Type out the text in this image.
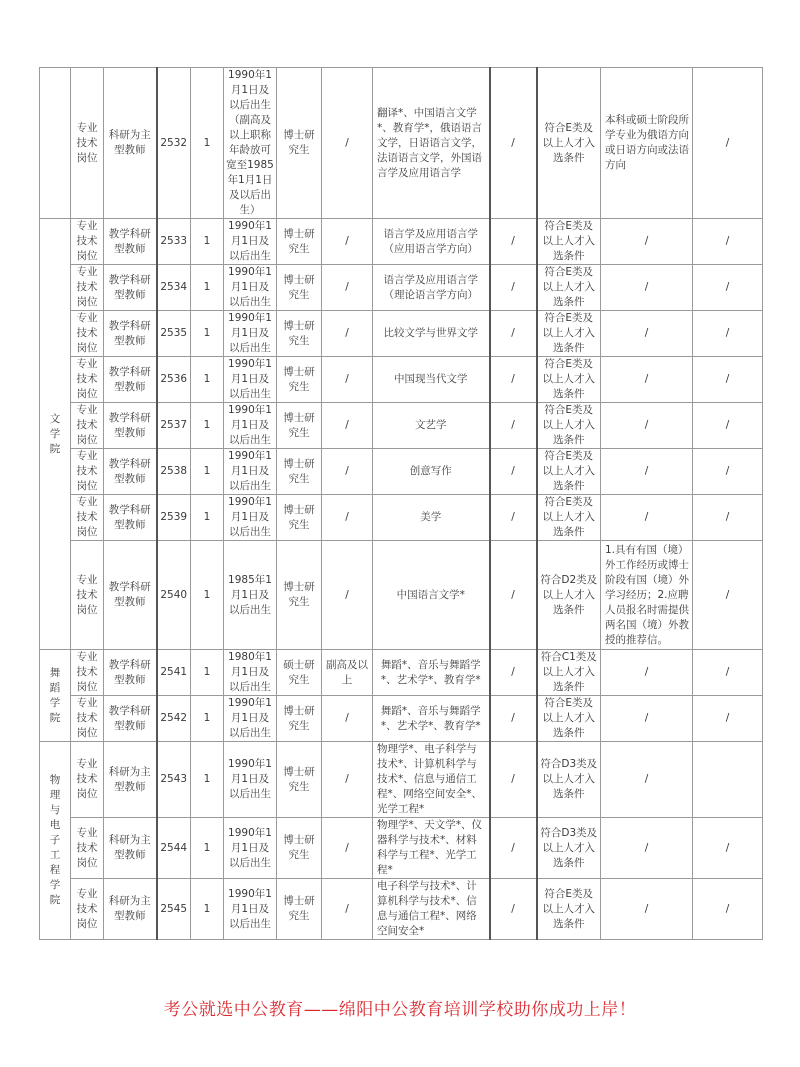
	专业技术岗位	科研为主型教师	2532	1	1990年1月1日及以后出生（副高及以上职称年龄放可宽至1985年1月1日及以后出生）	博士研究生	/	翻译*、中国语言文学*、教育学*，俄语语言文学，日语语言文学，法语语言文学，外国语言学及应用语言学	/	符合E类及以上人才入选条件	本科或硕士阶段所学专业为俄语方向或日语方向或法语方向	/
文学院	专业技术岗位	教学科研型教师	2533	1	1990年1月1日及以后出生	博士研究生	/	语言学及应用语言学（应用语言学方向）	/	符合E类及以上人才入选条件	/	/
	专业技术岗位	教学科研型教师	2534	1	1990年1月1日及以后出生	博士研究生	/	语言学及应用语言学（理论语言学方向）	/	符合E类及以上人才入选条件	/	/
	专业技术岗位	教学科研型教师	2535	1	1990年1月1日及以后出生	博士研究生	/	比较文学与世界文学	/	符合E类及以上人才入选条件	/	/
	专业技术岗位	教学科研型教师	2536	1	1990年1月1日及以后出生	博士研究生	/	中国现当代文学	/	符合E类及以上人才入选条件	/	/
	专业技术岗位	教学科研型教师	2537	1	1990年1月1日及以后出生	博士研究生	/	文艺学	/	符合E类及以上人才入选条件	/	/
	专业技术岗位	教学科研型教师	2538	1	1990年1月1日及以后出生	博士研究生	/	创意写作	/	符合E类及以上人才入选条件	/	/
	专业技术岗位	教学科研型教师	2539	1	1990年1月1日及以后出生	博士研究生	/	美学	/	符合E类及以上人才入选条件	/	/
	专业技术岗位	教学科研型教师	2540	1	1985年1月1日及以后出生	博士研究生	/	中国语言文学*	/	符合D2类及以上人才入选条件	1.具有有国（境）外工作经历或博士阶段有国（境）外学习经历；2.应聘人员报名时需提供两名国（境）外教授的推荐信。	/
舞蹈学院	专业技术岗位	教学科研型教师	2541	1	1980年1月1日及以后出生	硕士研究生	副高及以上	舞蹈*、音乐与舞蹈学*、艺术学*、教育学*	/	符合C1类及以上人才入选条件	/	/
	专业技术岗位	教学科研型教师	2542	1	1990年1月1日及以后出生	博士研究生	/	舞蹈*、音乐与舞蹈学*、艺术学*、教育学*	/	符合E类及以上人才入选条件	/	/
物理与电子工程学院	专业技术岗位	科研为主型教师	2543	1	1990年1月1日及以后出生	博士研究生	/	物理学*、电子科学与技术*、计算机科学与技术*、信息与通信工程*、网络空间安全*、光学工程*	/	符合D3类及以上人才入选条件	/	
	专业技术岗位	科研为主型教师	2544	1	1990年1月1日及以后出生	博士研究生	/	物理学*、天文学*、仪器科学与技术*、材料科学与工程*、光学工程*	/	符合D3类及以上人才入选条件	/	/
	专业技术岗位	科研为主型教师	2545	1	1990年1月1日及以后出生	博士研究生	/	电子科学与技术*、计算机科学与技术*、信息与通信工程*、网络空间安全*	/	符合E类及以上人才入选条件	/	/
考公就选中公教育——绵阳中公教育培训学校助你成功上岸！
